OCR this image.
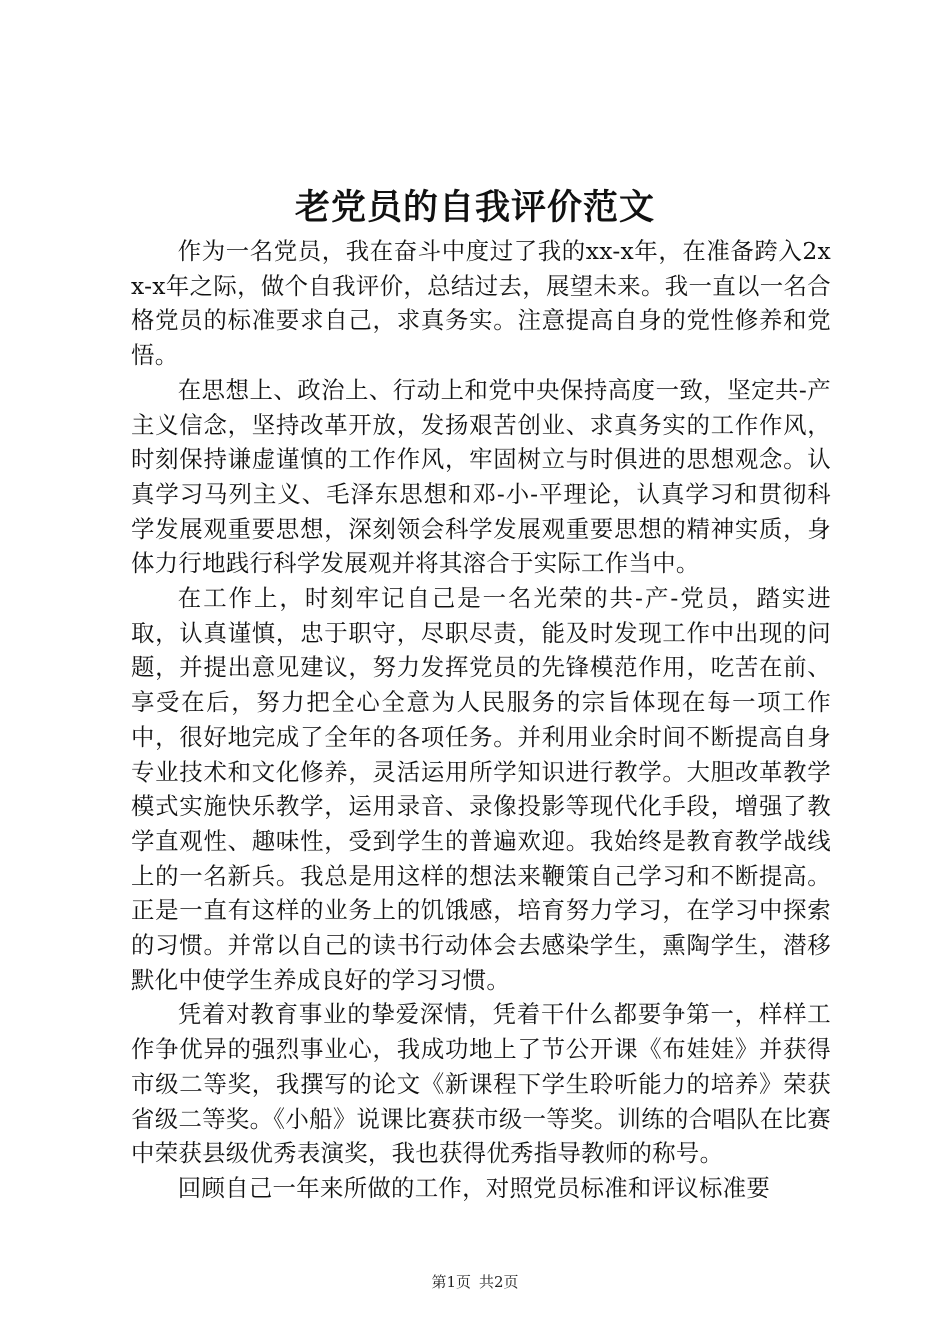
老党员的自我评价范文

作为一名党员，我在奋斗中度过了我的xx-x年，在准备跨入2xx-x年之际，做个自我评价，总结过去，展望未来。我一直以一名合格党员的标准要求自己，求真务实。注意提高自身的党性修养和党悟。

在思想上、政治上、行动上和党中央保持高度一致，坚定共-产主义信念，坚持改革开放，发扬艰苦创业、求真务实的工作作风，时刻保持谦虚谨慎的工作作风，牢固树立与时俱进的思想观念。认真学习马列主义、毛泽东思想和邓-小-平理论，认真学习和贯彻科学发展观重要思想，深刻领会科学发展观重要思想的精神实质，身体力行地践行科学发展观并将其溶合于实际工作当中。

在工作上，时刻牢记自己是一名光荣的共-产-党员，踏实进取，认真谨慎，忠于职守，尽职尽责，能及时发现工作中出现的问题，并提出意见建议，努力发挥党员的先锋模范作用，吃苦在前、享受在后，努力把全心全意为人民服务的宗旨体现在每一项工作中，很好地完成了全年的各项任务。并利用业余时间不断提高自身专业技术和文化修养，灵活运用所学知识进行教学。大胆改革教学模式实施快乐教学，运用录音、录像投影等现代化手段，增强了教学直观性、趣味性，受到学生的普遍欢迎。我始终是教育教学战线上的一名新兵。我总是用这样的想法来鞭策自己学习和不断提高。正是一直有这样的业务上的饥饿感，培育努力学习，在学习中探索的习惯。并常以自己的读书行动体会去感染学生，熏陶学生，潜移默化中使学生养成良好的学习习惯。

凭着对教育事业的挚爱深情，凭着干什么都要争第一，样样工作争优异的强烈事业心，我成功地上了节公开课《布娃娃》并获得市级二等奖，我撰写的论文《新课程下学生聆听能力的培养》荣获省级二等奖。《小船》说课比赛获市级一等奖。训练的合唱队在比赛中荣获县级优秀表演奖，我也获得优秀指导教师的称号。

回顾自己一年来所做的工作，对照党员标准和评议标准要

第1页 共2页
